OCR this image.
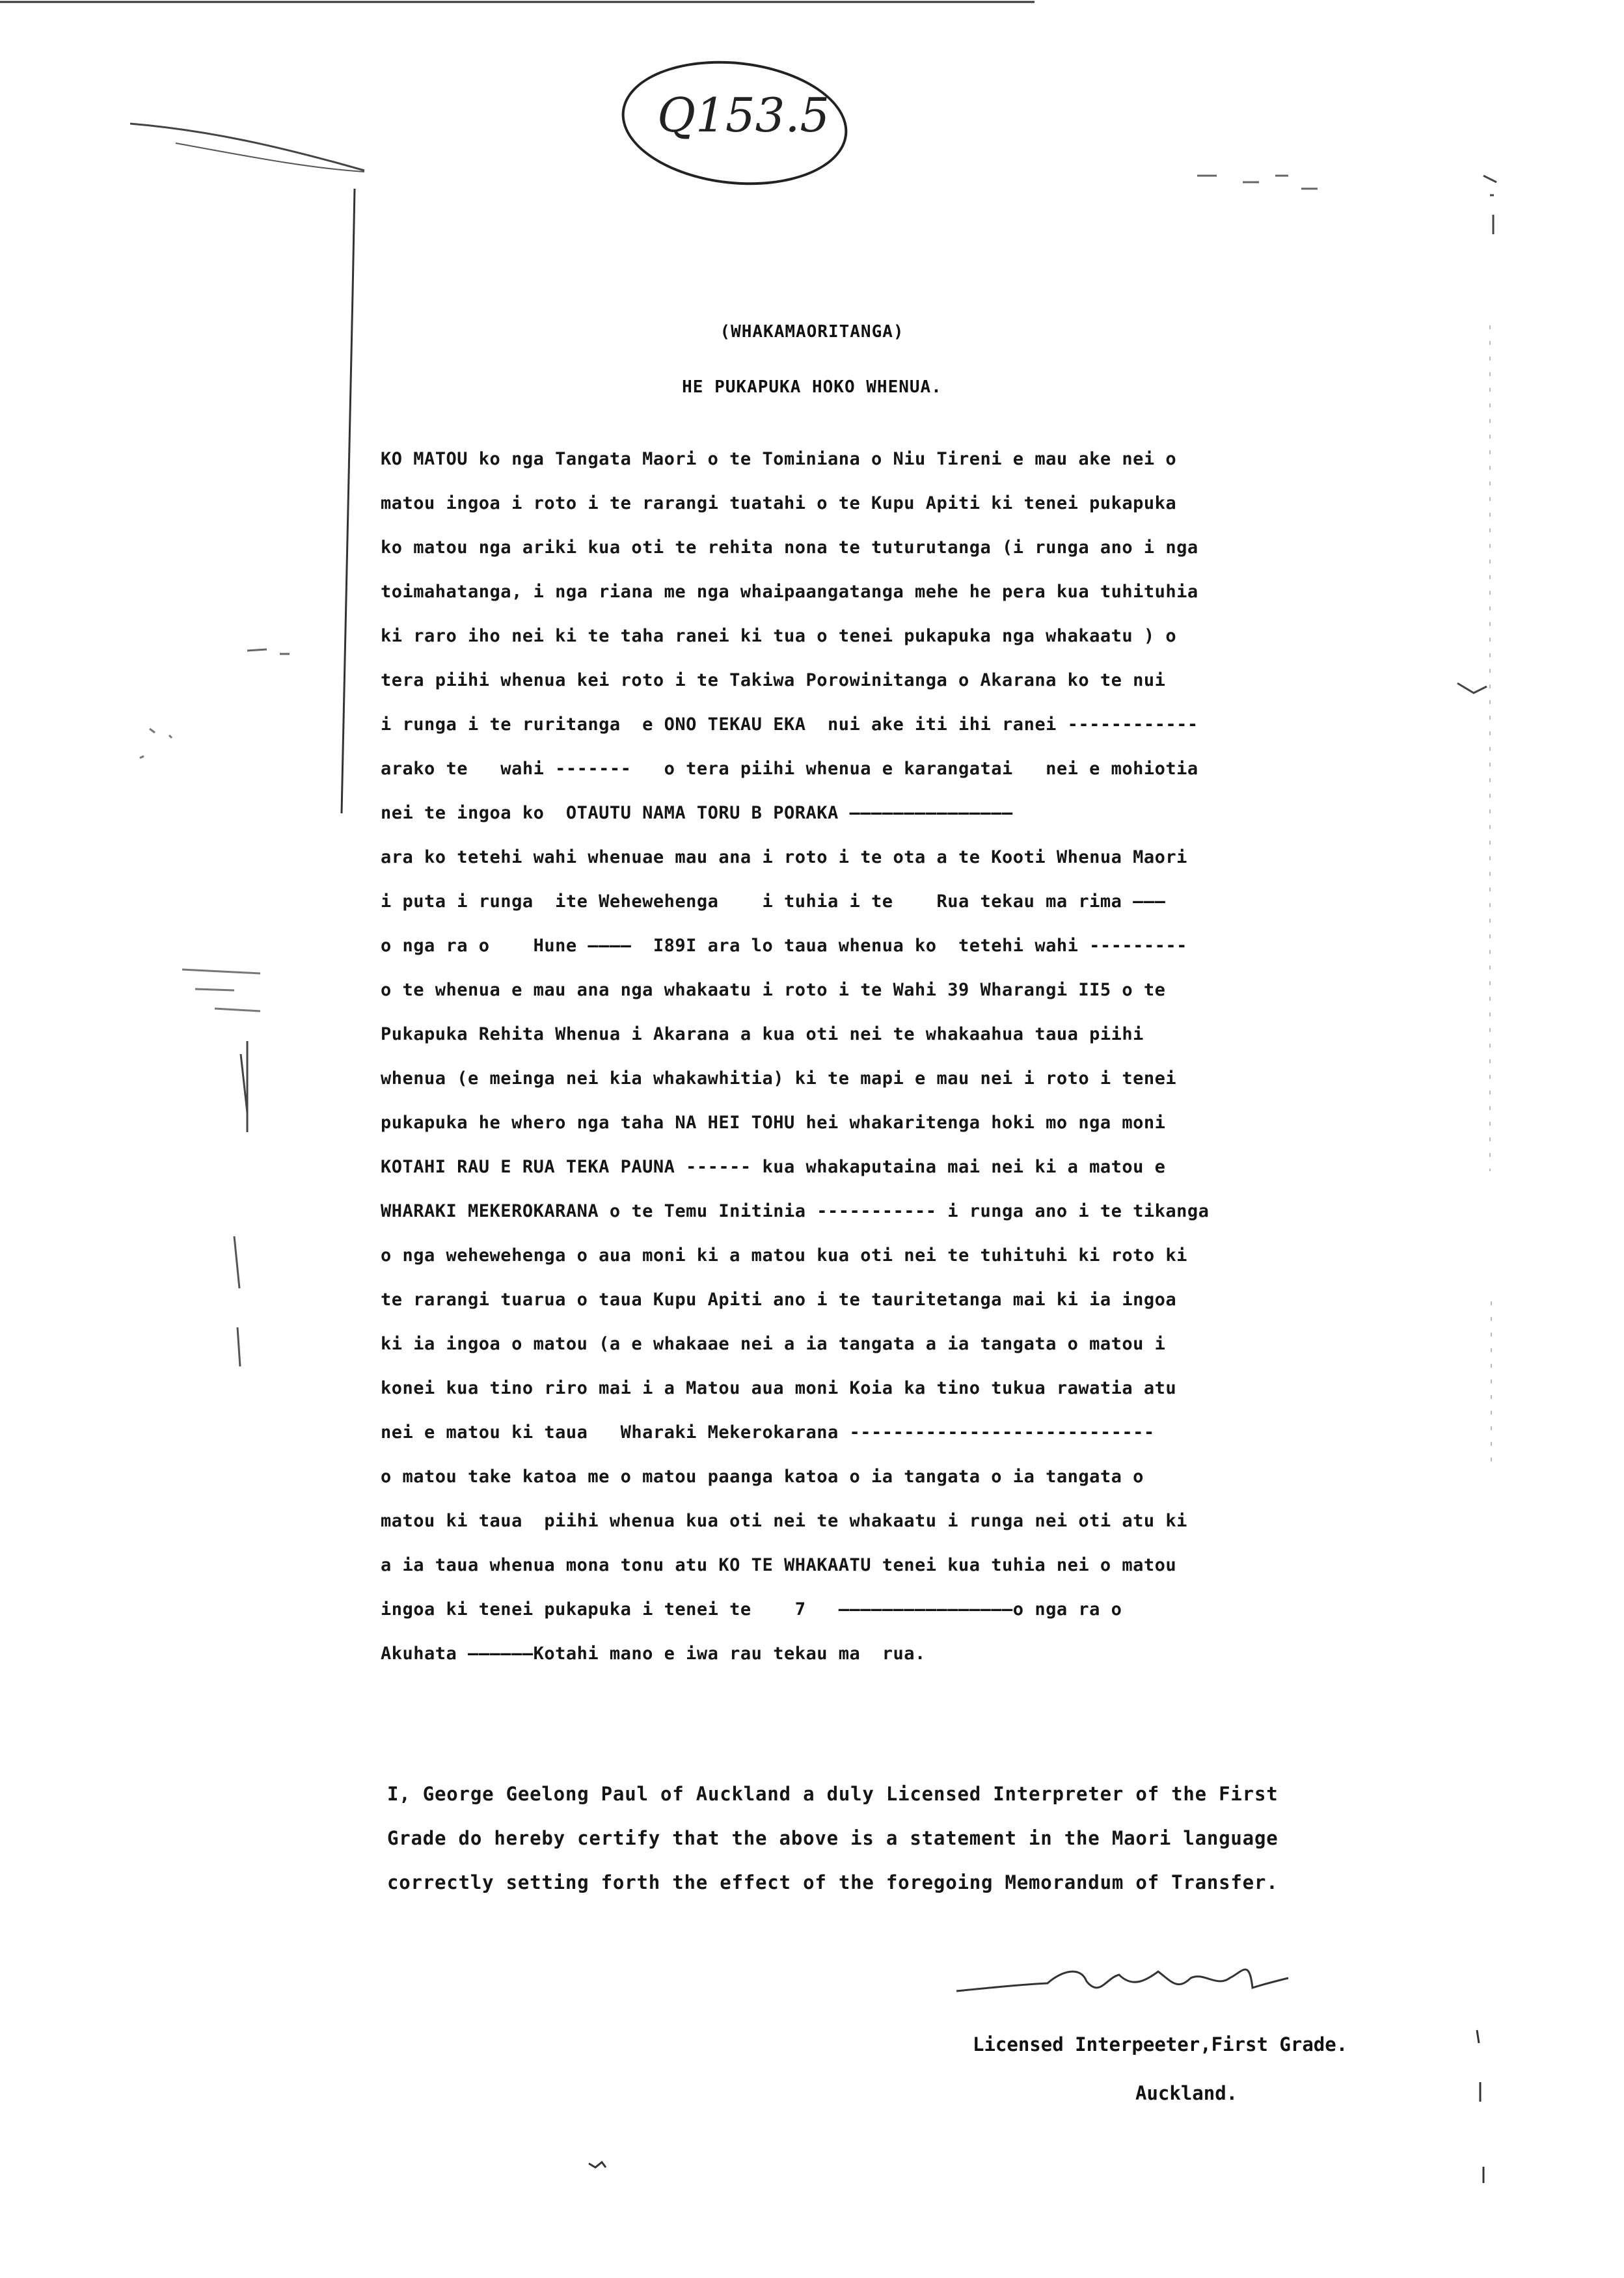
Q153.5
(WHAKAMAORITANGA)
HE PUKAPUKA HOKO WHENUA.
KO MATOU ko nga Tangata Maori o te Tominiana o Niu Tireni e mau ake nei o
matou ingoa i roto i te rarangi tuatahi o te Kupu Apiti ki tenei pukapuka
ko matou nga ariki kua oti te rehita nona te tuturutanga (i runga ano i nga
toimahatanga, i nga riana me nga whaipaangatanga mehe he pera kua tuhituhia
ki raro iho nei ki te taha ranei ki tua o tenei pukapuka nga whakaatu ) o
tera piihi whenua kei roto i te Takiwa Porowinitanga o Akarana ko te nui
i runga i te ruritanga  e ONO TEKAU EKA  nui ake iti ihi ranei ------------
arako te   wahi -------   o tera piihi whenua e karangatai   nei e mohiotia
nei te ingoa ko  OTAUTU NAMA TORU B PORAKA ———————————————
ara ko tetehi wahi whenuae mau ana i roto i te ota a te Kooti Whenua Maori
i puta i runga  ite Wehewehenga    i tuhia i te    Rua tekau ma rima ———
o nga ra o    Hune ————  I89I ara lo taua whenua ko  tetehi wahi ---------
o te whenua e mau ana nga whakaatu i roto i te Wahi 39 Wharangi II5 o te
Pukapuka Rehita Whenua i Akarana a kua oti nei te whakaahua taua piihi
whenua (e meinga nei kia whakawhitia) ki te mapi e mau nei i roto i tenei
pukapuka he whero nga taha NA HEI TOHU hei whakaritenga hoki mo nga moni
KOTAHI RAU E RUA TEKA PAUNA ------ kua whakaputaina mai nei ki a matou e
WHARAKI MEKEROKARANA o te Temu Initinia ----------- i runga ano i te tikanga
o nga wehewehenga o aua moni ki a matou kua oti nei te tuhituhi ki roto ki
te rarangi tuarua o taua Kupu Apiti ano i te tauritetanga mai ki ia ingoa
ki ia ingoa o matou (a e whakaae nei a ia tangata a ia tangata o matou i
konei kua tino riro mai i a Matou aua moni Koia ka tino tukua rawatia atu
nei e matou ki taua   Wharaki Mekerokarana ----------------------------
o matou take katoa me o matou paanga katoa o ia tangata o ia tangata o
matou ki taua  piihi whenua kua oti nei te whakaatu i runga nei oti atu ki
a ia taua whenua mona tonu atu KO TE WHAKAATU tenei kua tuhia nei o matou
ingoa ki tenei pukapuka i tenei te    7   ————————————————o nga ra o
Akuhata ——————Kotahi mano e iwa rau tekau ma  rua.
I, George Geelong Paul of Auckland a duly Licensed Interpreter of the First
Grade do hereby certify that the above is a statement in the Maori language
correctly setting forth the effect of the foregoing Memorandum of Transfer.
Licensed Interpeeter,First Grade.
Auckland.
